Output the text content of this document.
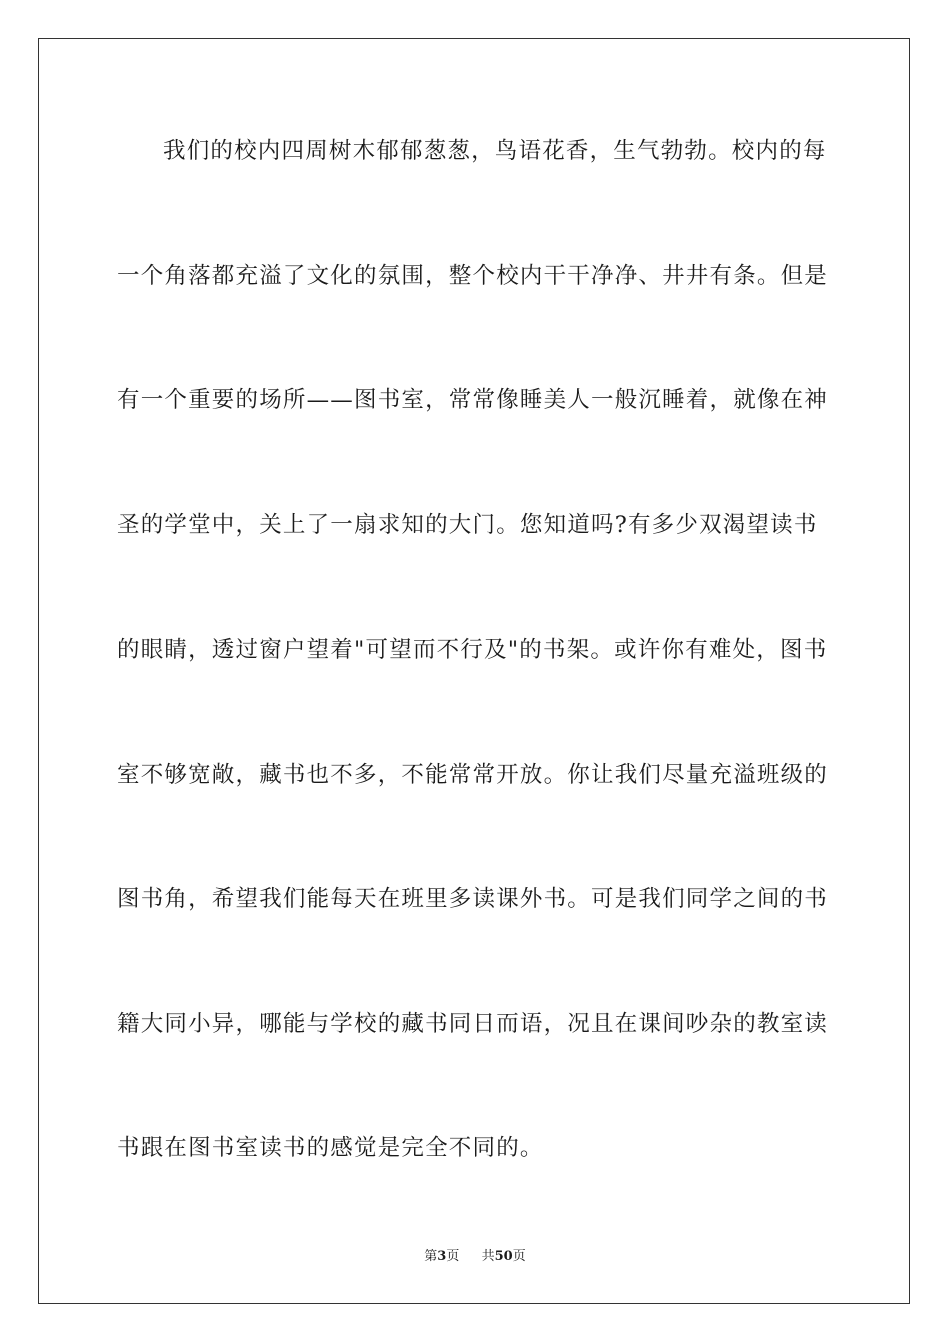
我们的校内四周树木郁郁葱葱，鸟语花香，生气勃勃。校内的每
一个角落都充溢了文化的氛围，整个校内干干净净、井井有条。但是
有一个重要的场所——图书室，常常像睡美人一般沉睡着，就像在神
圣的学堂中，关上了一扇求知的大门。您知道吗?有多少双渴望读书
的眼睛，透过窗户望着"可望而不行及"的书架。或许你有难处，图书
室不够宽敞，藏书也不多，不能常常开放。你让我们尽量充溢班级的
图书角，希望我们能每天在班里多读课外书。可是我们同学之间的书
籍大同小异，哪能与学校的藏书同日而语，况且在课间吵杂的教室读
书跟在图书室读书的感觉是完全不同的。
第3页 共50页
